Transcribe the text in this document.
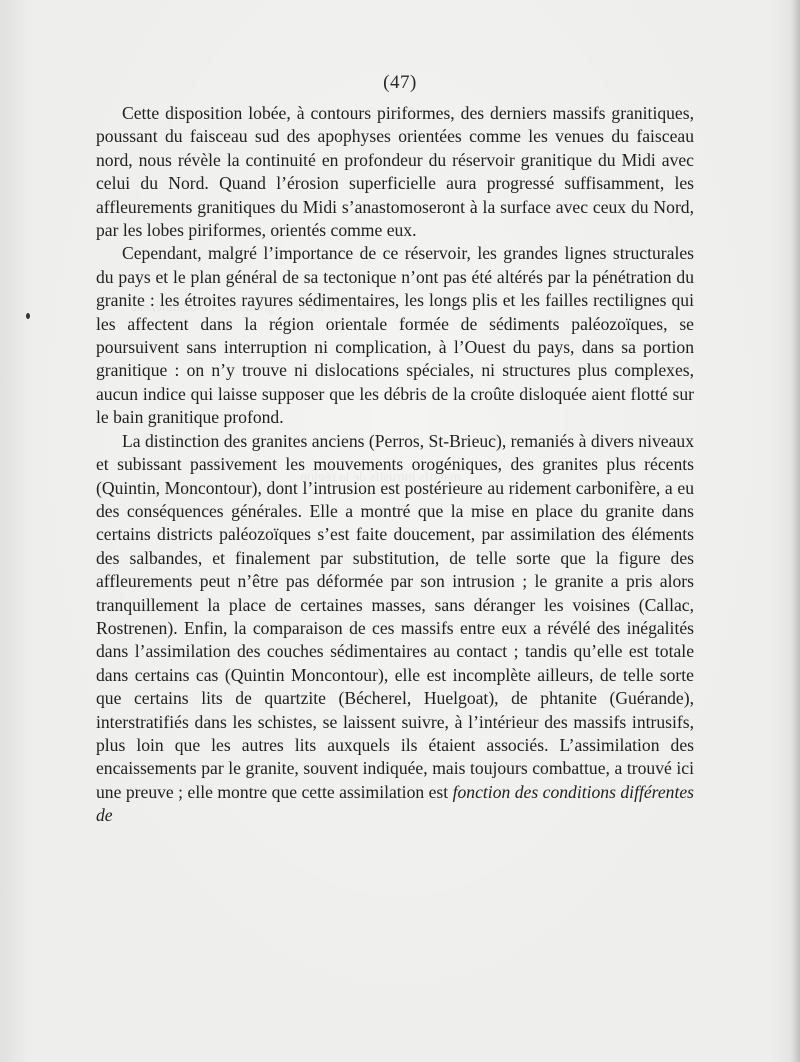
(47)

Cette disposition lobée, à contours piriformes, des derniers massifs granitiques, poussant du faisceau sud des apophyses orientées comme les venues du faisceau nord, nous révèle la continuité en profondeur du réservoir granitique du Midi avec celui du Nord. Quand l’érosion superficielle aura progressé suffisamment, les affleurements granitiques du Midi s’anastomoseront à la surface avec ceux du Nord, par les lobes piriformes, orientés comme eux.

Cependant, malgré l’importance de ce réservoir, les grandes lignes structurales du pays et le plan général de sa tectonique n’ont pas été altérés par la pénétration du granite : les étroites rayures sédimentaires, les longs plis et les failles rectilignes qui les affectent dans la région orientale formée de sédiments paléozoïques, se poursuivent sans interruption ni complication, à l’Ouest du pays, dans sa portion granitique : on n’y trouve ni dislocations spéciales, ni structures plus complexes, aucun indice qui laisse supposer que les débris de la croûte disloquée aient flotté sur le bain granitique profond.

La distinction des granites anciens (Perros, St-Brieuc), remaniés à divers niveaux et subissant passivement les mouvements orogéniques, des granites plus récents (Quintin, Moncontour), dont l’intrusion est postérieure au ridement carbonifère, a eu des conséquences générales. Elle a montré que la mise en place du granite dans certains districts paléozoïques s’est faite doucement, par assimilation des éléments des salbandes, et finalement par substitution, de telle sorte que la figure des affleurements peut n’être pas déformée par son intrusion ; le granite a pris alors tranquillement la place de certaines masses, sans déranger les voisines (Callac, Rostrenen). Enfin, la comparaison de ces massifs entre eux a révélé des inégalités dans l’assimilation des couches sédimentaires au contact ; tandis qu’elle est totale dans certains cas (Quintin Moncontour), elle est incomplète ailleurs, de telle sorte que certains lits de quartzite (Bécherel, Huelgoat), de phtanite (Guérande), interstratifiés dans les schistes, se laissent suivre, à l’intérieur des massifs intrusifs, plus loin que les autres lits auxquels ils étaient associés. L’assimilation des encaissements par le granite, souvent indiquée, mais toujours combattue, a trouvé ici une preuve ; elle montre que cette assimilation est fonction des conditions différentes de
